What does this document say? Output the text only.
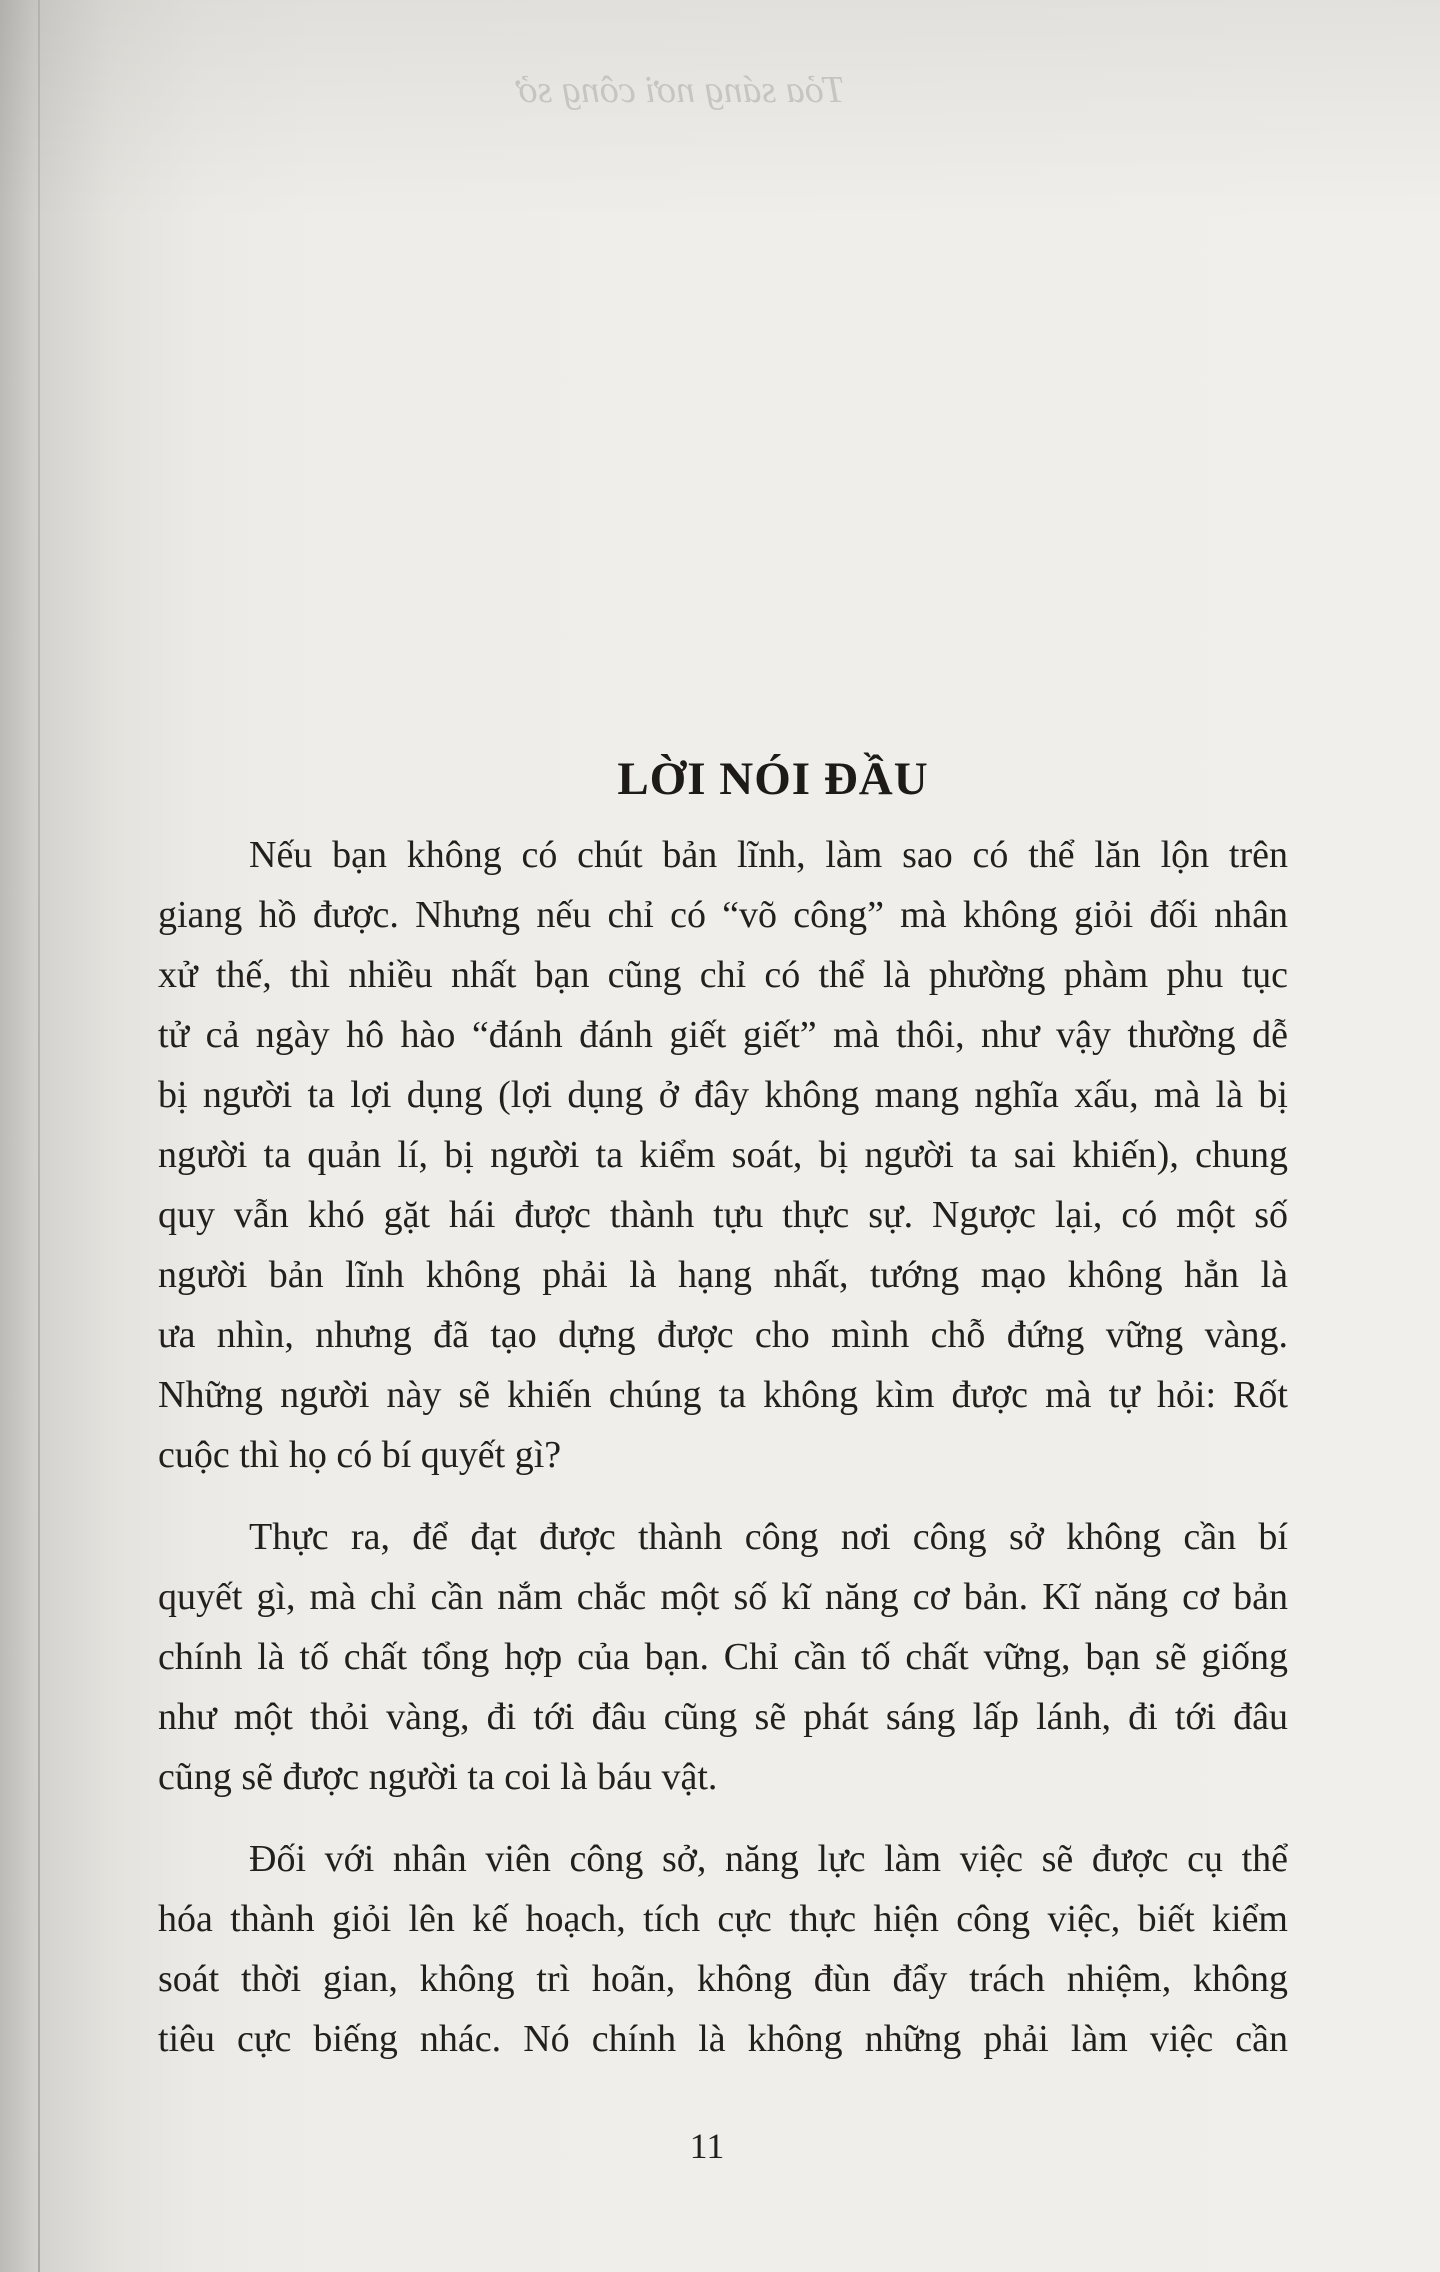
Tỏa sáng nơi công sở
LỜI NÓI ĐẦU
Nếu bạn không có chút bản lĩnh, làm sao có thể lăn lộn trên
giang hồ được. Nhưng nếu chỉ có “võ công” mà không giỏi đối nhân
xử thế, thì nhiều nhất bạn cũng chỉ có thể là phường phàm phu tục
tử cả ngày hô hào “đánh đánh giết giết” mà thôi, như vậy thường dễ
bị người ta lợi dụng (lợi dụng ở đây không mang nghĩa xấu, mà là bị
người ta quản lí, bị người ta kiểm soát, bị người ta sai khiến), chung
quy vẫn khó gặt hái được thành tựu thực sự. Ngược lại, có một số
người bản lĩnh không phải là hạng nhất, tướng mạo không hẳn là
ưa nhìn, nhưng đã tạo dựng được cho mình chỗ đứng vững vàng.
Những người này sẽ khiến chúng ta không kìm được mà tự hỏi: Rốt
cuộc thì họ có bí quyết gì?
Thực ra, để đạt được thành công nơi công sở không cần bí
quyết gì, mà chỉ cần nắm chắc một số kĩ năng cơ bản. Kĩ năng cơ bản
chính là tố chất tổng hợp của bạn. Chỉ cần tố chất vững, bạn sẽ giống
như một thỏi vàng, đi tới đâu cũng sẽ phát sáng lấp lánh, đi tới đâu
cũng sẽ được người ta coi là báu vật.
Đối với nhân viên công sở, năng lực làm việc sẽ được cụ thể
hóa thành giỏi lên kế hoạch, tích cực thực hiện công việc, biết kiểm
soát thời gian, không trì hoãn, không đùn đẩy trách nhiệm, không
tiêu cực biếng nhác. Nó chính là không những phải làm việc cần
11
